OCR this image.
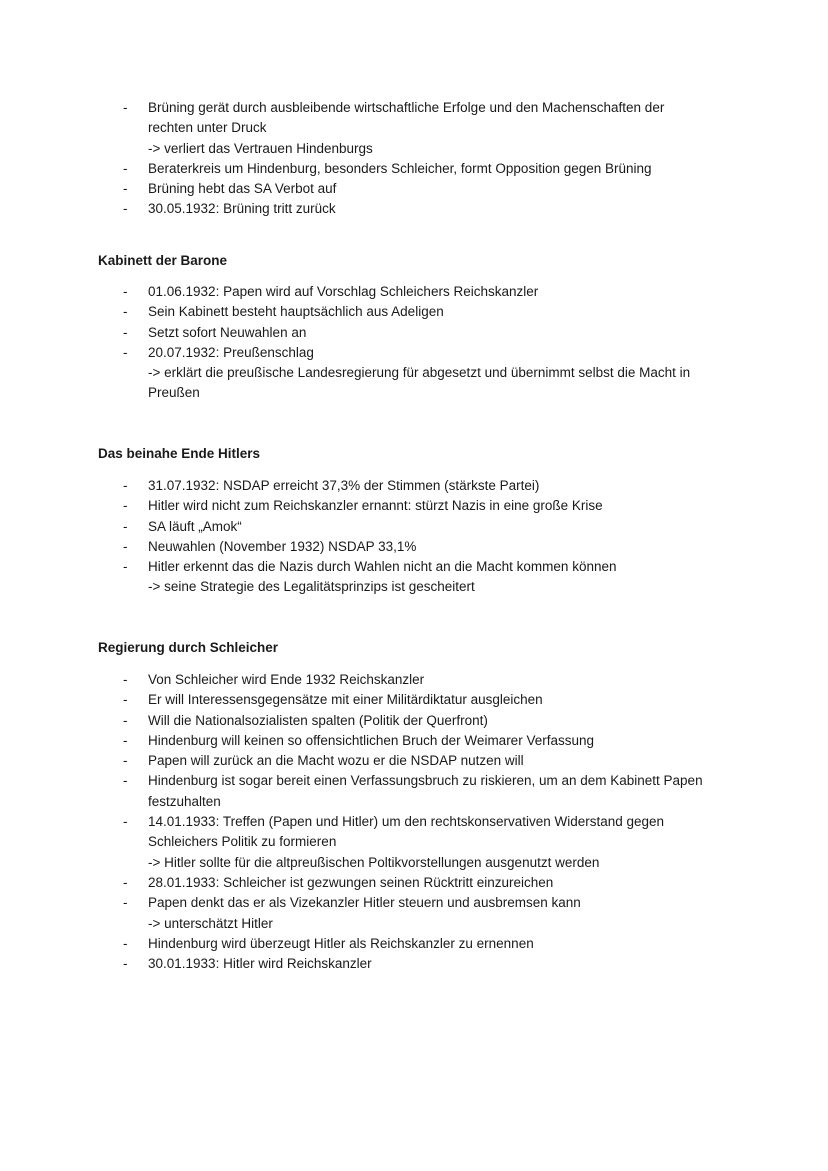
- Brüning gerät durch ausbleibende wirtschaftliche Erfolge und den Machenschaften der
rechten unter Druck
-> verliert das Vertrauen Hindenburgs
- Beraterkreis um Hindenburg, besonders Schleicher, formt Opposition gegen Brüning
- Brüning hebt das SA Verbot auf
- 30.05.1932: Brüning tritt zurück
Kabinett der Barone
- 01.06.1932: Papen wird auf Vorschlag Schleichers Reichskanzler
- Sein Kabinett besteht hauptsächlich aus Adeligen
- Setzt sofort Neuwahlen an
- 20.07.1932: Preußenschlag
-> erklärt die preußische Landesregierung für abgesetzt und übernimmt selbst die Macht in
Preußen
Das beinahe Ende Hitlers
- 31.07.1932: NSDAP erreicht 37,3% der Stimmen (stärkste Partei)
- Hitler wird nicht zum Reichskanzler ernannt: stürzt Nazis in eine große Krise
- SA läuft „Amok“
- Neuwahlen (November 1932) NSDAP 33,1%
- Hitler erkennt das die Nazis durch Wahlen nicht an die Macht kommen können
-> seine Strategie des Legalitätsprinzips ist gescheitert
Regierung durch Schleicher
- Von Schleicher wird Ende 1932 Reichskanzler
- Er will Interessensgegensätze mit einer Militärdiktatur ausgleichen
- Will die Nationalsozialisten spalten (Politik der Querfront)
- Hindenburg will keinen so offensichtlichen Bruch der Weimarer Verfassung
- Papen will zurück an die Macht wozu er die NSDAP nutzen will
- Hindenburg ist sogar bereit einen Verfassungsbruch zu riskieren, um an dem Kabinett Papen
festzuhalten
- 14.01.1933: Treffen (Papen und Hitler) um den rechtskonservativen Widerstand gegen
Schleichers Politik zu formieren
-> Hitler sollte für die altpreußischen Poltikvorstellungen ausgenutzt werden
- 28.01.1933: Schleicher ist gezwungen seinen Rücktritt einzureichen
- Papen denkt das er als Vizekanzler Hitler steuern und ausbremsen kann
-> unterschätzt Hitler
- Hindenburg wird überzeugt Hitler als Reichskanzler zu ernennen
- 30.01.1933: Hitler wird Reichskanzler
